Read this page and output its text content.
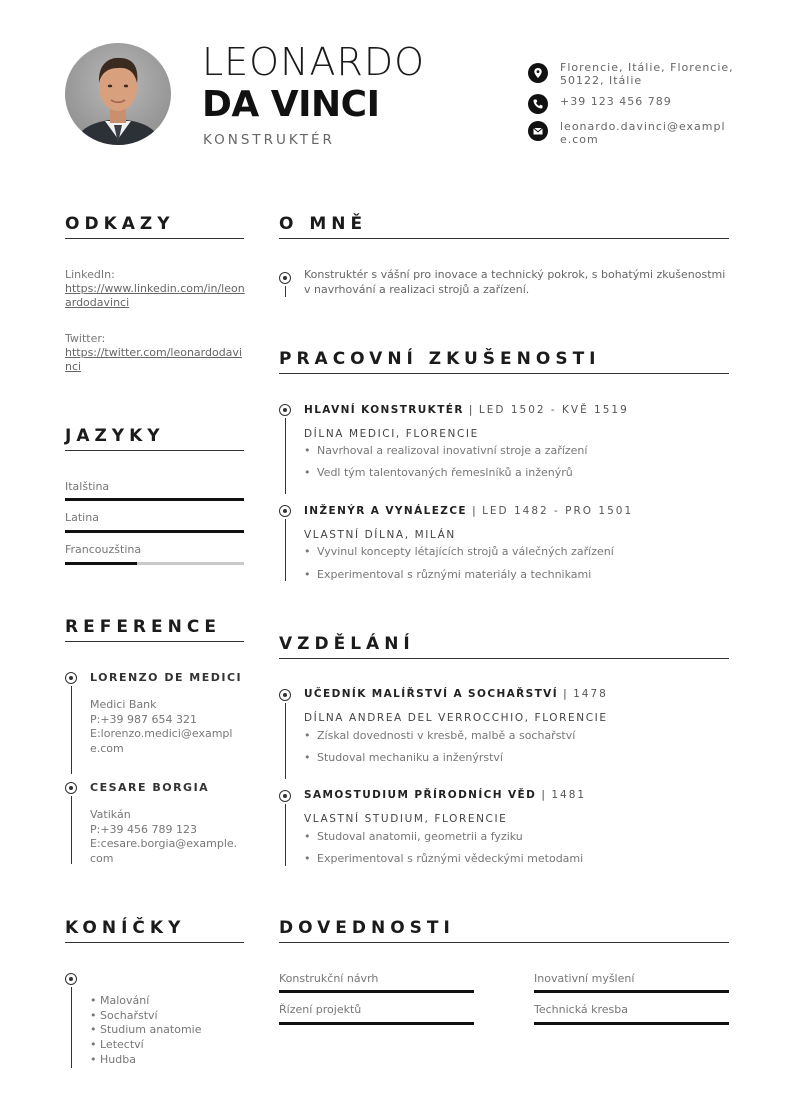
LEONARDO
DA VINCI
KONSTRUKTÉR
Florencie, Itálie, Florencie, 50122, Itálie
+39 123 456 789
leonardo.davinci@example.com
ODKAZY
LinkedIn:
https://www.linkedin.com/in/leonardodavinci
Twitter:
https://twitter.com/leonardodavinci
JAZYKY
Italština
Latina
Francouzština
REFERENCE
LORENZO DE MEDICI
Medici Bank
P:+39 987 654 321
E:lorenzo.medici@example.com
CESARE BORGIA
Vatikán
P:+39 456 789 123
E:cesare.borgia@example.com
KONÍČKY
• Malování
• Sochařství
• Studium anatomie
• Letectví
• Hudba
O MNĚ
Konstruktér s vášní pro inovace a technický pokrok, s bohatými zkušenostmi v navrhování a realizaci strojů a zařízení.
PRACOVNÍ ZKUŠENOSTI
HLAVNÍ KONSTRUKTÉR | LED 1502 - KVĚ 1519
DÍLNA MEDICI, FLORENCIE
• Navrhoval a realizoval inovativní stroje a zařízení
• Vedl tým talentovaných řemeslníků a inženýrů
INŽENÝR A VYNÁLEZCE | LED 1482 - PRO 1501
VLASTNÍ DÍLNA, MILÁN
• Vyvinul koncepty létajících strojů a válečných zařízení
• Experimentoval s různými materiály a technikami
VZDĚLÁNÍ
UČEDNÍK MALÍŘSTVÍ A SOCHAŘSTVÍ | 1478
DÍLNA ANDREA DEL VERROCCHIO, FLORENCIE
• Získal dovednosti v kresbě, malbě a sochařství
• Studoval mechaniku a inženýrství
SAMOSTUDIUM PŘÍRODNÍCH VĚD | 1481
VLASTNÍ STUDIUM, FLORENCIE
• Studoval anatomii, geometrii a fyziku
• Experimentoval s různými vědeckými metodami
DOVEDNOSTI
Konstrukční návrh	Inovativní myšlení
Řízení projektů	Technická kresba
